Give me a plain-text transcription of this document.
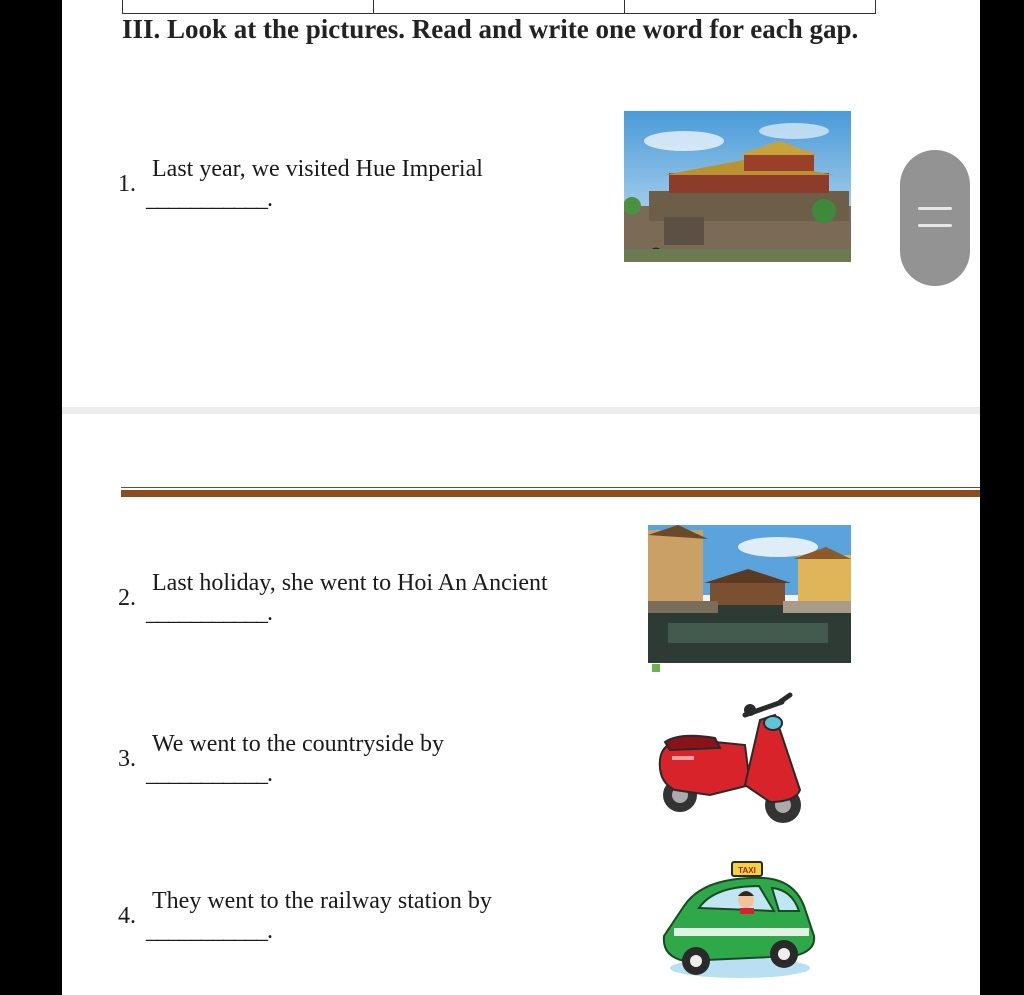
III. Look at the pictures. Read and write one word for each gap.
1.
Last year, we visited Hue Imperial
___________.
2.
Last holiday, she went to Hoi An Ancient
___________.
3.
We went to the countryside by
___________.
4.
They went to the railway station by
___________.
TAXI
